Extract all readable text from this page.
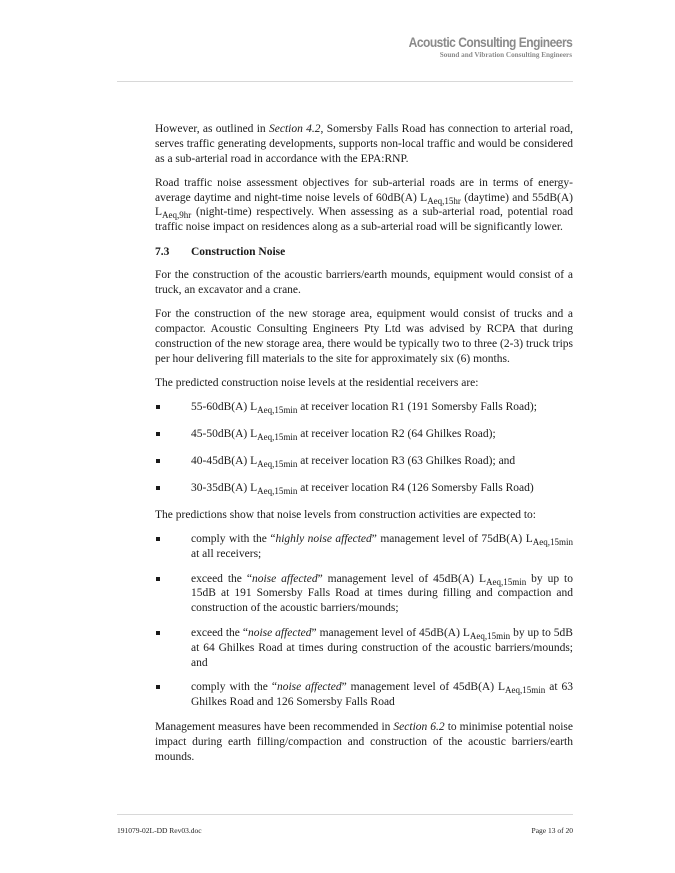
Acoustic Consulting Engineers
Sound and Vibration Consulting Engineers

However, as outlined in Section 4.2, Somersby Falls Road has connection to arterial road, serves traffic generating developments, supports non-local traffic and would be considered as a sub-arterial road in accordance with the EPA:RNP.

Road traffic noise assessment objectives for sub-arterial roads are in terms of energy-average daytime and night-time noise levels of 60dB(A) $L_{Aeq,15hr}$ (daytime) and 55dB(A) $L_{Aeq,9hr}$ (night-time) respectively. When assessing as a sub-arterial road, potential road traffic noise impact on residences along as a sub-arterial road will be significantly lower.

7.3	Construction Noise

For the construction of the acoustic barriers/earth mounds, equipment would consist of a truck, an excavator and a crane.

For the construction of the new storage area, equipment would consist of trucks and a compactor. Acoustic Consulting Engineers Pty Ltd was advised by RCPA that during construction of the new storage area, there would be typically two to three (2-3) truck trips per hour delivering fill materials to the site for approximately six (6) months.

The predicted construction noise levels at the residential receivers are:

55-60dB(A) $L_{Aeq,15min}$ at receiver location R1 (191 Somersby Falls Road);
45-50dB(A) $L_{Aeq,15min}$ at receiver location R2 (64 Ghilkes Road);
40-45dB(A) $L_{Aeq,15min}$ at receiver location R3 (63 Ghilkes Road); and
30-35dB(A) $L_{Aeq,15min}$ at receiver location R4 (126 Somersby Falls Road)

The predictions show that noise levels from construction activities are expected to:

comply with the “highly noise affected” management level of 75dB(A) $L_{Aeq,15min}$ at all receivers;
exceed the “noise affected” management level of 45dB(A) $L_{Aeq,15min}$ by up to 15dB at 191 Somersby Falls Road at times during filling and compaction and construction of the acoustic barriers/mounds;
exceed the “noise affected” management level of 45dB(A) $L_{Aeq,15min}$ by up to 5dB at 64 Ghilkes Road at times during construction of the acoustic barriers/mounds; and
comply with the “noise affected” management level of 45dB(A) $L_{Aeq,15min}$ at 63 Ghilkes Road and 126 Somersby Falls Road

Management measures have been recommended in Section 6.2 to minimise potential noise impact during earth filling/compaction and construction of the acoustic barriers/earth mounds.

191079-02L-DD Rev03.doc	Page 13 of 20
